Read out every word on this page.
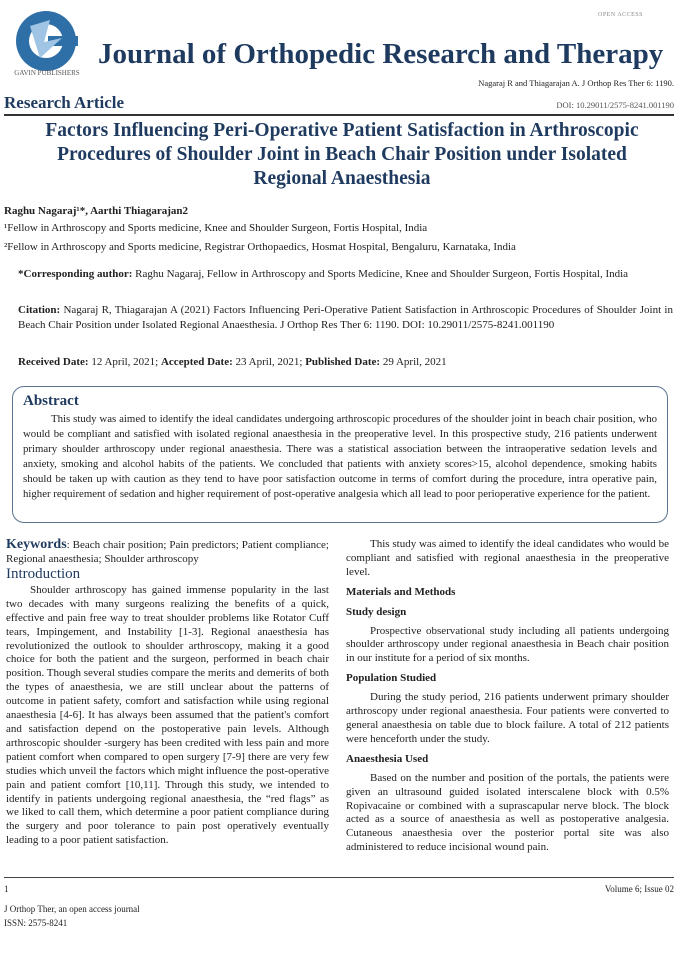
GAVIN PUBLISHERS
OPEN ACCESS
Journal of Orthopedic Research and Therapy
Nagaraj R and Thiagarajan A. J Orthop Res Ther 6: 1190.
Research Article	DOI: 10.29011/2575-8241.001190
Factors Influencing Peri-Operative Patient Satisfaction in Arthroscopic Procedures of Shoulder Joint in Beach Chair Position under Isolated Regional Anaesthesia
Raghu Nagaraj¹*, Aarthi Thiagarajan2
¹Fellow in Arthroscopy and Sports medicine, Knee and Shoulder Surgeon, Fortis Hospital, India
²Fellow in Arthroscopy and Sports medicine, Registrar Orthopaedics, Hosmat Hospital, Bengaluru, Karnataka, India
*Corresponding author: Raghu Nagaraj, Fellow in Arthroscopy and Sports Medicine, Knee and Shoulder Surgeon, Fortis Hospital, India
Citation: Nagaraj R, Thiagarajan A (2021) Factors Influencing Peri-Operative Patient Satisfaction in Arthroscopic Procedures of Shoulder Joint in Beach Chair Position under Isolated Regional Anaesthesia. J Orthop Res Ther 6: 1190. DOI: 10.29011/2575-8241.001190
Received Date: 12 April, 2021; Accepted Date: 23 April, 2021; Published Date: 29 April, 2021
Abstract

This study was aimed to identify the ideal candidates undergoing arthroscopic procedures of the shoulder joint in beach chair position, who would be compliant and satisfied with isolated regional anaesthesia in the preoperative level. In this prospective study, 216 patients underwent primary shoulder arthroscopy under regional anaesthesia. There was a statistical association between the intraoperative sedation levels and anxiety, smoking and alcohol habits of the patients. We concluded that patients with anxiety scores>15, alcohol dependence, smoking habits should be taken up with caution as they tend to have poor satisfaction outcome in terms of comfort during the procedure, intra operative pain, higher requirement of sedation and higher requirement of post-operative analgesia which all lead to poor perioperative experience for the patient.

Keywords: Beach chair position; Pain predictors; Patient compliance; Regional anaesthesia; Shoulder arthroscopy
Introduction

Shoulder arthroscopy has gained immense popularity in the last two decades with many surgeons realizing the benefits of a quick, effective and pain free way to treat shoulder problems like Rotator Cuff tears, Impingement, and Instability [1-3]. Regional anaesthesia has revolutionized the outlook to shoulder arthroscopy, making it a good choice for both the patient and the surgeon, performed in beach chair position. Though several studies compare the merits and demerits of both the types of anaesthesia, we are still unclear about the patterns of outcome in patient safety, comfort and satisfaction while using regional anaesthesia [4-6]. It has always been assumed that the patient's comfort and satisfaction depend on the postoperative pain levels. Although arthroscopic shoulder -surgery has been credited with less pain and more patient comfort when compared to open surgery [7-9] there are very few studies which unveil the factors which might influence the post-operative pain and patient comfort [10,11]. Through this study, we intended to identify in patients undergoing regional anaesthesia, the “red flags” as we liked to call them, which determine a poor patient compliance during the surgery and poor tolerance to pain post operatively eventually leading to a poor patient satisfaction.

This study was aimed to identify the ideal candidates who would be compliant and satisfied with regional anaesthesia in the preoperative level.

Materials and Methods
Study design

Prospective observational study including all patients undergoing shoulder arthroscopy under regional anaesthesia in Beach chair position in our institute for a period of six months.

Population Studied

During the study period, 216 patients underwent primary shoulder arthroscopy under regional anaesthesia. Four patients were converted to general anaesthesia on table due to block failure. A total of 212 patients were henceforth under the study.

Anaesthesia Used

Based on the number and position of the portals, the patients were given an ultrasound guided isolated interscalene block with 0.5% Ropivacaine or combined with a suprascapular nerve block. The block acted as a source of anaesthesia as well as postoperative analgesia. Cutaneous anaesthesia over the posterior portal site was also administered to reduce incisional wound pain.

1	Volume 6; Issue 02
J Orthop Ther, an open access journal
ISSN: 2575-8241
